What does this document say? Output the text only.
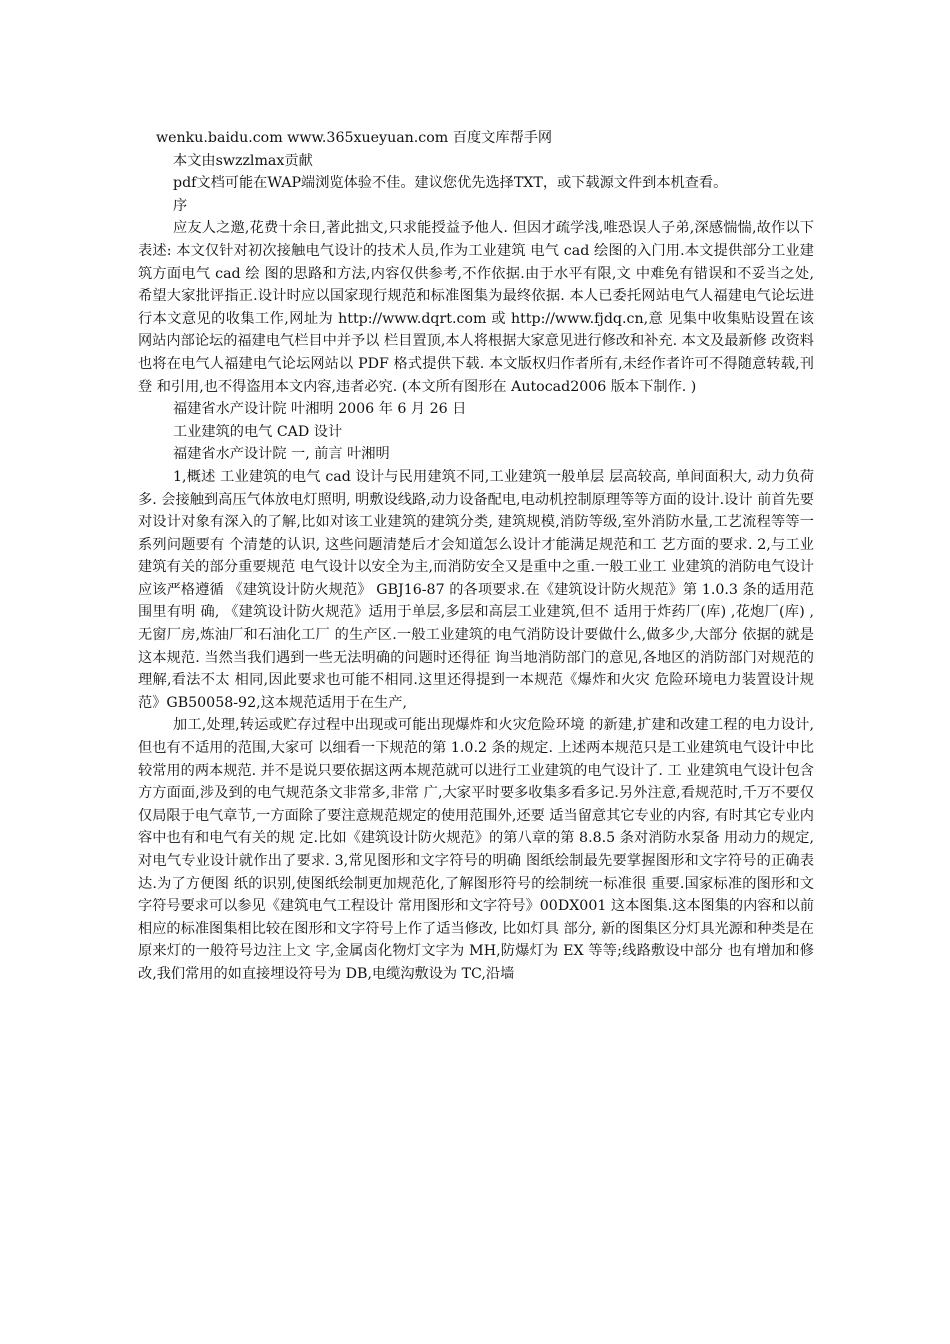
wenku.baidu.com www.365xueyuan.com 百度文库帮手网
本文由swzzlmax贡献
pdf文档可能在WAP端浏览体验不佳。建议您优先选择TXT，或下载源文件到本机查看。
序

应友人之邀,花费十余日,著此拙文,只求能授益予他人. 但因才疏学浅,唯恐误人子弟,深感惴惴,故作以下表述: 本文仅针对初次接触电气设计的技术人员,作为工业建筑 电气 cad 绘图的入门用.本文提供部分工业建筑方面电气 cad 绘 图的思路和方法,内容仅供参考,不作依据.由于水平有限,文 中难免有错误和不妥当之处,希望大家批评指正.设计时应以国家现行规范和标准图集为最终依据. 本人已委托网站电气人福建电气论坛进行本文意见的收集工作,网址为 http://www.dqrt.com 或 http://www.fjdq.cn,意 见集中收集贴设置在该网站内部论坛的福建电气栏目中并予以 栏目置顶,本人将根据大家意见进行修改和补充. 本文及最新修 改资料也将在电气人福建电气论坛网站以 PDF 格式提供下载. 本文版权归作者所有,未经作者许可不得随意转载,刊登 和引用,也不得盗用本文内容,违者必究. (本文所有图形在 Autocad2006 版本下制作. )

福建省水产设计院 叶湘明 2006 年 6 月 26 日
工业建筑的电气 CAD 设计
福建省水产设计院 一, 前言 叶湘明

1,概述 工业建筑的电气 cad 设计与民用建筑不同,工业建筑一般单层 层高较高, 单间面积大, 动力负荷多. 会接触到高压气体放电灯照明, 明敷设线路,动力设备配电,电动机控制原理等等方面的设计.设计 前首先要对设计对象有深入的了解,比如对该工业建筑的建筑分类, 建筑规模,消防等级,室外消防水量,工艺流程等等一系列问题要有 个清楚的认识, 这些问题清楚后才会知道怎么设计才能满足规范和工 艺方面的要求. 2,与工业建筑有关的部分重要规范 电气设计以安全为主,而消防安全又是重中之重.一般工业工 业建筑的消防电气设计应该严格遵循 《建筑设计防火规范》 GBJ16-87 的各项要求.在《建筑设计防火规范》第 1.0.3 条的适用范围里有明 确, 《建筑设计防火规范》适用于单层,多层和高层工业建筑,但不 适用于炸药厂(库) ,花炮厂(库) ,无窗厂房,炼油厂和石油化工厂 的生产区.一般工业建筑的电气消防设计要做什么,做多少,大部分 依据的就是这本规范. 当然当我们遇到一些无法明确的问题时还得征 询当地消防部门的意见,各地区的消防部门对规范的理解,看法不太 相同,因此要求也可能不相同.这里还得提到一本规范《爆炸和火灾 危险环境电力装置设计规范》GB50058-92,这本规范适用于在生产,

加工,处理,转运或贮存过程中出现或可能出现爆炸和火灾危险环境 的新建,扩建和改建工程的电力设计,但也有不适用的范围,大家可 以细看一下规范的第 1.0.2 条的规定. 上述两本规范只是工业建筑电气设计中比较常用的两本规范. 并不是说只要依据这两本规范就可以进行工业建筑的电气设计了. 工 业建筑电气设计包含方方面面,涉及到的电气规范条文非常多,非常 广,大家平时要多收集多看多记.另外注意,看规范时,千万不要仅 仅局限于电气章节,一方面除了要注意规范规定的使用范围外,还要 适当留意其它专业的内容, 有时其它专业内容中也有和电气有关的规 定.比如《建筑设计防火规范》的第八章的第 8.8.5 条对消防水泵备 用动力的规定,对电气专业设计就作出了要求. 3,常见图形和文字符号的明确 图纸绘制最先要掌握图形和文字符号的正确表达.为了方便图 纸的识别,使图纸绘制更加规范化,了解图形符号的绘制统一标准很 重要.国家标准的图形和文字符号要求可以参见《建筑电气工程设计 常用图形和文字符号》00DX001 这本图集.这本图集的内容和以前 相应的标准图集相比较在图形和文字符号上作了适当修改, 比如灯具 部分, 新的图集区分灯具光源和种类是在原来灯的一般符号边注上文 字,金属卤化物灯文字为 MH,防爆灯为 EX 等等;线路敷设中部分 也有增加和修改,我们常用的如直接埋设符号为 DB,电缆沟敷设为 TC,沿墙
